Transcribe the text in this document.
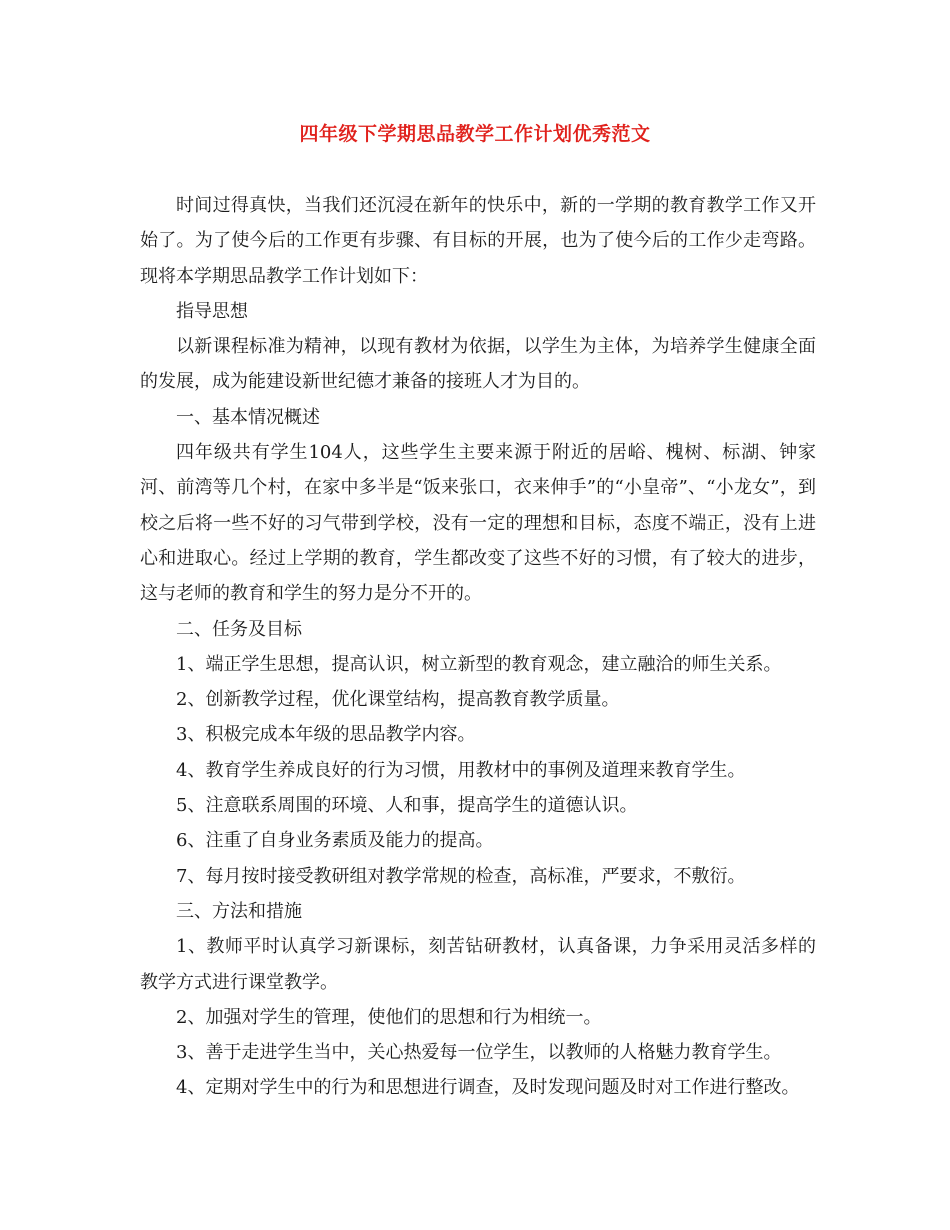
四年级下学期思品教学工作计划优秀范文

时间过得真快，当我们还沉浸在新年的快乐中，新的一学期的教育教学工作又开始了。为了使今后的工作更有步骤、有目标的开展，也为了使今后的工作少走弯路。现将本学期思品教学工作计划如下：

指导思想

以新课程标准为精神，以现有教材为依据，以学生为主体，为培养学生健康全面的发展，成为能建设新世纪德才兼备的接班人才为目的。

一、基本情况概述

四年级共有学生104人，这些学生主要来源于附近的居峪、槐树、标湖、钟家河、前湾等几个村，在家中多半是“饭来张口，衣来伸手”的“小皇帝”、“小龙女”，到校之后将一些不好的习气带到学校，没有一定的理想和目标，态度不端正，没有上进心和进取心。经过上学期的教育，学生都改变了这些不好的习惯，有了较大的进步，这与老师的教育和学生的努力是分不开的。

二、任务及目标

1、端正学生思想，提高认识，树立新型的教育观念，建立融洽的师生关系。

2、创新教学过程，优化课堂结构，提高教育教学质量。

3、积极完成本年级的思品教学内容。

4、教育学生养成良好的行为习惯，用教材中的事例及道理来教育学生。

5、注意联系周围的环境、人和事，提高学生的道德认识。

6、注重了自身业务素质及能力的提高。

7、每月按时接受教研组对教学常规的检查，高标准，严要求，不敷衍。

三、方法和措施

1、教师平时认真学习新课标，刻苦钻研教材，认真备课，力争采用灵活多样的教学方式进行课堂教学。

2、加强对学生的管理，使他们的思想和行为相统一。

3、善于走进学生当中，关心热爱每一位学生，以教师的人格魅力教育学生。

4、定期对学生中的行为和思想进行调查，及时发现问题及时对工作进行整改。
